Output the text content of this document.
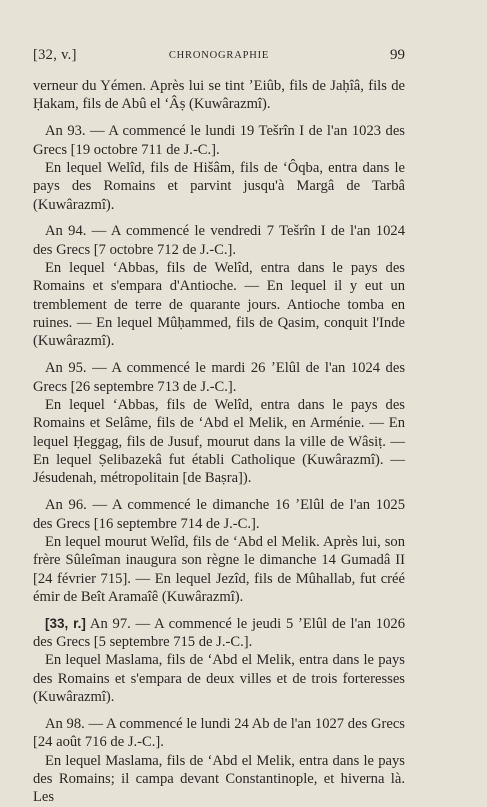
[32, v.]	CHRONOGRAPHIE	99

verneur du Yémen. Après lui se tint ʼEiûb, fils de Jaḥîâ, fils de Ḥakam, fils de Abû el ʻÂṣ (Kuwârazmî).

An 93. — A commencé le lundi 19 Tešrîn I de l'an 1023 des Grecs [19 octobre 711 de J.-C.].

En lequel Welîd, fils de Hišâm, fils de ʻÔqba, entra dans le pays des Romains et parvint jusqu'à Margâ de Tarbâ (Kuwârazmî).

An 94. — A commencé le vendredi 7 Tešrîn I de l'an 1024 des Grecs [7 octobre 712 de J.-C.].

En lequel ʻAbbas, fils de Welîd, entra dans le pays des Romains et s'empara d'Antioche. — En lequel il y eut un tremblement de terre de quarante jours. Antioche tomba en ruines. — En lequel Mûḥammed, fils de Qasim, conquit l'Inde (Kuwârazmî).

An 95. — A commencé le mardi 26 ʼElûl de l'an 1024 des Grecs [26 septembre 713 de J.-C.].

En lequel ʻAbbas, fils de Welîd, entra dans le pays des Romains et Selâme, fils de ʻAbd el Melik, en Arménie. — En lequel Ḥeggag, fils de Jusuf, mourut dans la ville de Wâsiṭ. — En lequel Ṣelibazekâ fut établi Catholique (Kuwârazmî). — Jésudenah, métropolitain [de Baṣra]).

An 96. — A commencé le dimanche 16 ʼElûl de l'an 1025 des Grecs [16 septembre 714 de J.-C.].

En lequel mourut Welîd, fils de ʻAbd el Melik. Après lui, son frère Sûleîman inaugura son règne le dimanche 14 Gumadâ II [24 février 715]. — En lequel Jezîd, fils de Mûhallab, fut créé émir de Beît Aramaîê (Kuwârazmî).

[33, r.] An 97. — A commencé le jeudi 5 ʼElûl de l'an 1026 des Grecs [5 septembre 715 de J.-C.].

En lequel Maslama, fils de ʻAbd el Melik, entra dans le pays des Romains et s'empara de deux villes et de trois forteresses (Kuwârazmî).

An 98. — A commencé le lundi 24 Ab de l'an 1027 des Grecs [24 août 716 de J.-C.].

En lequel Maslama, fils de ʻAbd el Melik, entra dans le pays des Romains; il campa devant Constantinople, et hiverna là. Les
